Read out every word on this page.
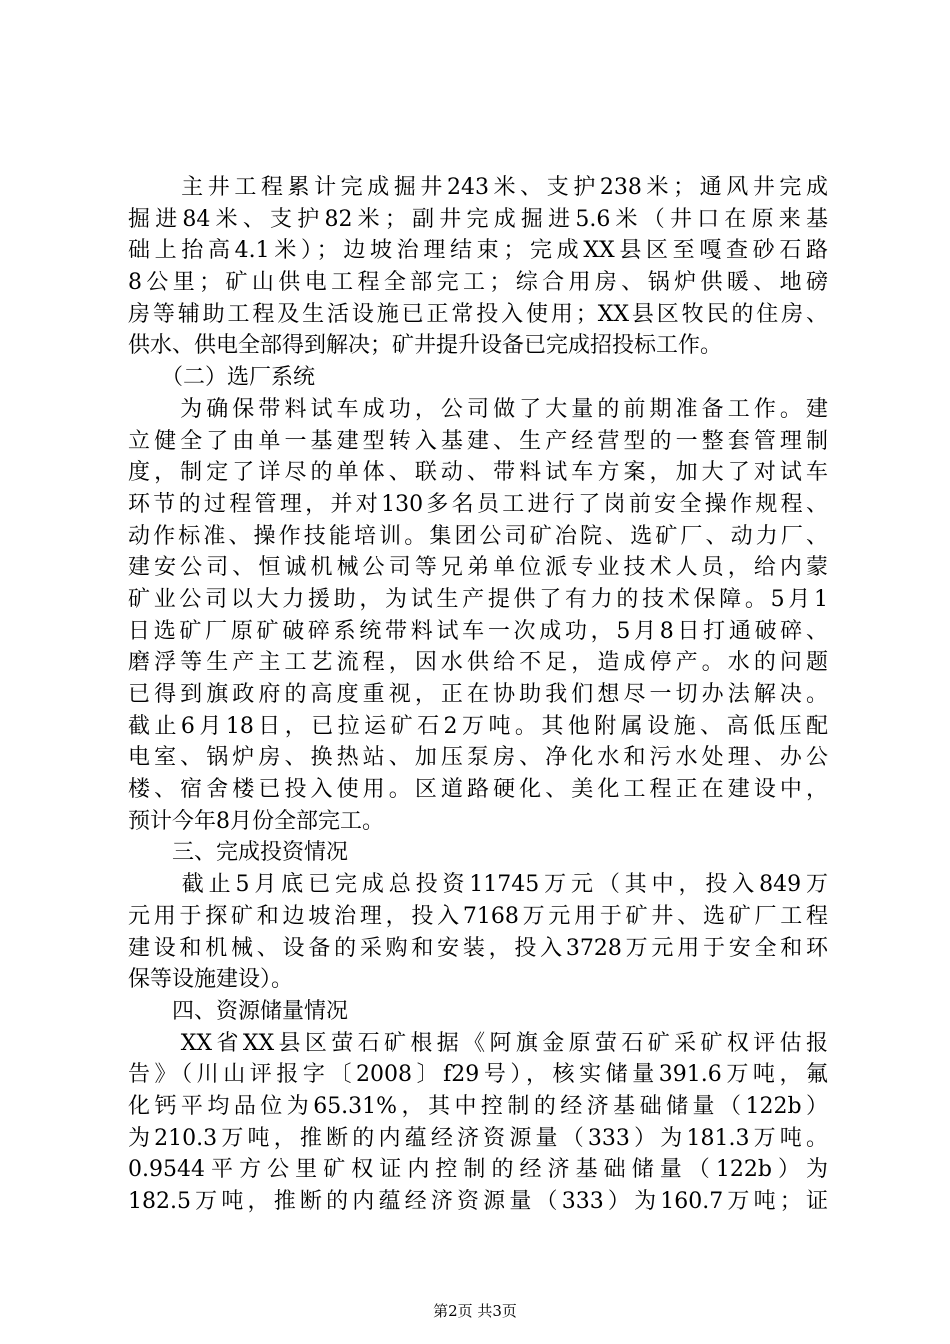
　　主井工程累计完成掘井243米、支护238米；通风井完成
掘进84米、支护82米；副井完成掘进5.6米（井口在原来基
础上抬高4.1米）；边坡治理结束；完成XX县区至嘎查砂石路
8公里；矿山供电工程全部完工；综合用房、锅炉供暖、地磅
房等辅助工程及生活设施已正常投入使用；XX县区牧民的住房、
供水、供电全部得到解决；矿井提升设备已完成招投标工作。
　　（二）选厂系统
　　为确保带料试车成功，公司做了大量的前期准备工作。建
立健全了由单一基建型转入基建、生产经营型的一整套管理制
度，制定了详尽的单体、联动、带料试车方案，加大了对试车
环节的过程管理，并对130多名员工进行了岗前安全操作规程、
动作标准、操作技能培训。集团公司矿冶院、选矿厂、动力厂、
建安公司、恒诚机械公司等兄弟单位派专业技术人员，给内蒙
矿业公司以大力援助，为试生产提供了有力的技术保障。5月1
日选矿厂原矿破碎系统带料试车一次成功，5月8日打通破碎、
磨浮等生产主工艺流程，因水供给不足，造成停产。水的问题
已得到旗政府的高度重视，正在协助我们想尽一切办法解决。
截止6月18日，已拉运矿石2万吨。其他附属设施、高低压配
电室、锅炉房、换热站、加压泵房、净化水和污水处理、办公
楼、宿舍楼已投入使用。区道路硬化、美化工程正在建设中，
预计今年8月份全部完工。
　　三、完成投资情况
　　截止5月底已完成总投资11745万元（其中，投入849万
元用于探矿和边坡治理，投入7168万元用于矿井、选矿厂工程
建设和机械、设备的采购和安装，投入3728万元用于安全和环
保等设施建设）。
　　四、资源储量情况
　　XX省XX县区萤石矿根据《阿旗金原萤石矿采矿权评估报
告》（川山评报字〔2008〕f29号），核实储量391.6万吨，氟
化钙平均品位为65.31%，其中控制的经济基础储量（122b）
为210.3万吨，推断的内蕴经济资源量（333）为181.3万吨。
0.9544平方公里矿权证内控制的经济基础储量（122b）为
182.5万吨，推断的内蕴经济资源量（333）为160.7万吨；证
第2页 共3页
